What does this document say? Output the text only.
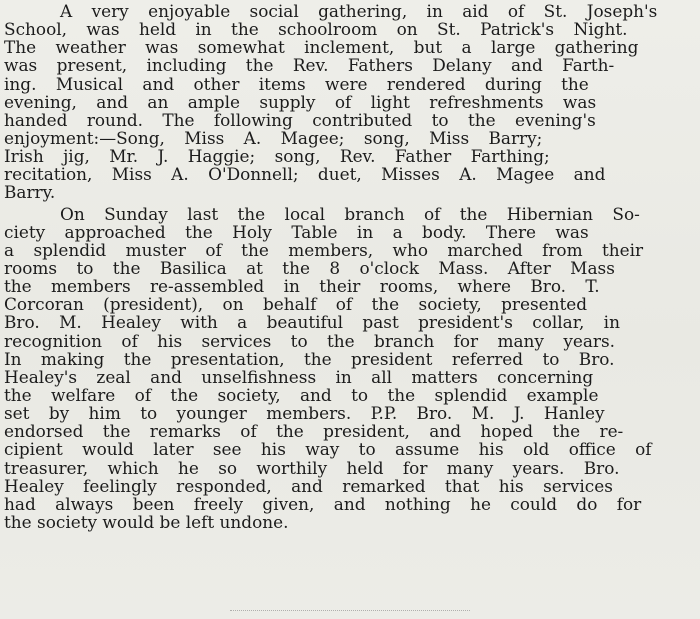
A very enjoyable social gathering, in aid of St. Joseph's
School, was held in the schoolroom on St. Patrick's Night.
The weather was somewhat inclement, but a large gathering
was present, including the Rev. Fathers Delany and Farth-
ing. Musical and other items were rendered during the
evening, and an ample supply of light refreshments was
handed round. The following contributed to the evening's
enjoyment:—Song, Miss A. Magee; song, Miss Barry;
Irish jig, Mr. J. Haggie; song, Rev. Father Farthing;
recitation, Miss A. O'Donnell; duet, Misses A. Magee and
Barry.
On Sunday last the local branch of the Hibernian So-
ciety approached the Holy Table in a body. There was
a splendid muster of the members, who marched from their
rooms to the Basilica at the 8 o'clock Mass. After Mass
the members re-assembled in their rooms, where Bro. T.
Corcoran (president), on behalf of the society, presented
Bro. M. Healey with a beautiful past president's collar, in
recognition of his services to the branch for many years.
In making the presentation, the president referred to Bro.
Healey's zeal and unselfishness in all matters concerning
the welfare of the society, and to the splendid example
set by him to younger members. P.P. Bro. M. J. Hanley
endorsed the remarks of the president, and hoped the re-
cipient would later see his way to assume his old office of
treasurer, which he so worthily held for many years. Bro.
Healey feelingly responded, and remarked that his services
had always been freely given, and nothing he could do for
the society would be left undone.
